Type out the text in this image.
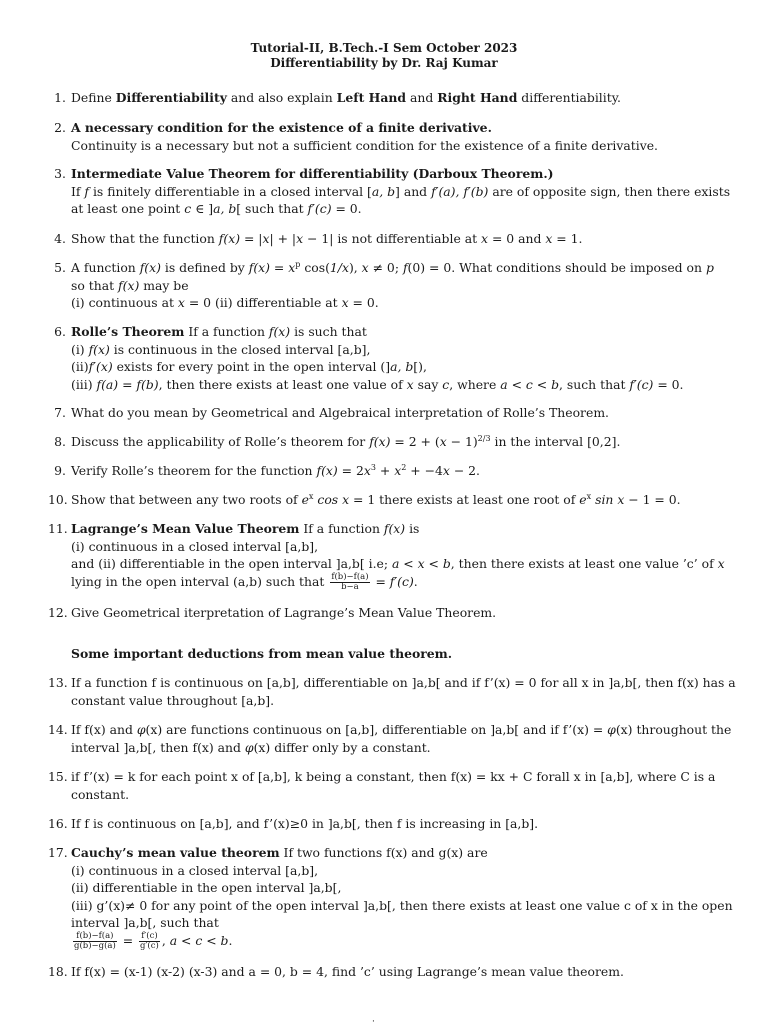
Tutorial-II, B.Tech.-I Sem October 2023
Differentiability by Dr. Raj Kumar
1. Define Differentiability and also explain Left Hand and Right Hand differentiability.
2. A necessary condition for the existence of a finite derivative.
Continuity is a necessary but not a sufficient condition for the existence of a finite derivative.
3. Intermediate Value Theorem for differentiability (Darboux Theorem.)
If f is finitely differentiable in a closed interval [a, b] and f′(a), f′(b) are of opposite sign, then there exists
at least one point c ∈ ]a, b[ such that f′(c) = 0.
4. Show that the function f(x) = |x| + |x − 1| is not differentiable at x = 0 and x = 1.
5. A function f(x) is defined by $f(x) = x^p$ cos(1/x), x ≠ 0; f(0) = 0. What conditions should be imposed on p
so that f(x) may be
(i) continuous at x = 0 (ii) differentiable at x = 0.
6. Rolle’s Theorem If a function f(x) is such that
(i) f(x) is continuous in the closed interval [a,b],
(ii)f′(x) exists for every point in the open interval (]a, b[),
(iii) f(a) = f(b), then there exists at least one value of x say c, where a < c < b, such that f′(c) = 0.
7. What do you mean by Geometrical and Algebraical interpretation of Rolle’s Theorem.
8. Discuss the applicability of Rolle’s theorem for $f(x) = 2 + (x - 1)^{2/3}$ in the interval [0,2].
9. Verify Rolle’s theorem for the function $f(x) = 2x^3 + x^2 + -4x - 2$.
10. Show that between any two roots of $e^x$ cos x = 1 there exists at least one root of $e^x$ sin x − 1 = 0.
11. Lagrange’s Mean Value Theorem If a function f(x) is
(i) continuous in a closed interval [a,b],
and (ii) differentiable in the open interval ]a,b[ i.e; a < x < b, then there exists at least one value ’c’ of x
lying in the open interval (a,b) such that $\frac{f(b)-f(a)}{b-a} = f'(c)$.
12. Give Geometrical iterpretation of Lagrange’s Mean Value Theorem.
13. If a function f is continuous on [a,b], differentiable on ]a,b[ and if f’(x) = 0 for all x in ]a,b[, then f(x) has a
constant value throughout [a,b].
14. If f(x) and φ(x) are functions continuous on [a,b], differentiable on ]a,b[ and if f’(x) = φ(x) throughout the
interval ]a,b[, then f(x) and φ(x) differ only by a constant.
15. if f’(x) = k for each point x of [a,b], k being a constant, then f(x) = kx + C forall x in [a,b], where C is a
constant.
16. If f is continuous on [a,b], and f’(x)≥0 in ]a,b[, then f is increasing in [a,b].
17. Cauchy’s mean value theorem If two functions f(x) and g(x) are
(i) continuous in a closed interval [a,b],
(ii) differentiable in the open interval ]a,b[,
(iii) g’(x)≠ 0 for any point of the open interval ]a,b[, then there exists at least one value c of x in the open
interval ]a,b[, such that
$\frac{f(b)-f(a)}{g(b)-g(a)} = \frac{f'(c)}{g'(c)}$ , a < c < b.
18. If f(x) = (x-1) (x-2) (x-3) and a = 0, b = 4, find ’c’ using Lagrange’s mean value theorem.
Some important deductions from mean value theorem.
·
